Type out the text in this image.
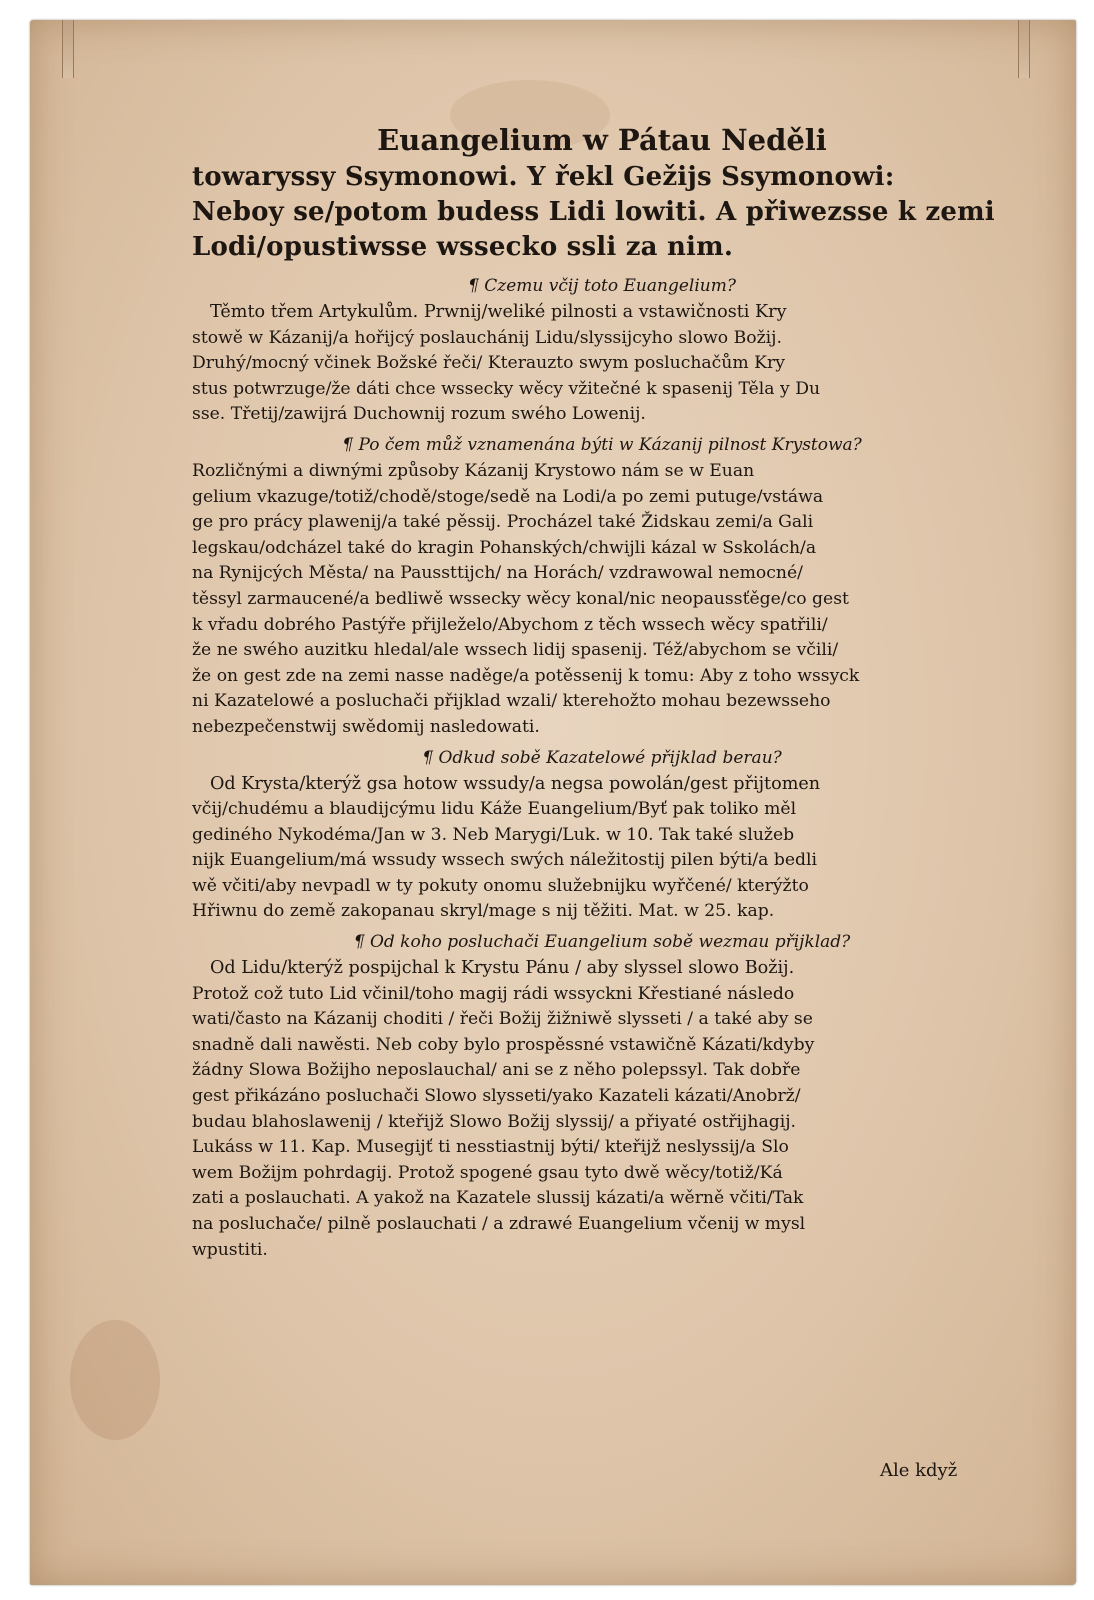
Euangelium w Pátau Neděli
towaryssy Ssymonowi. Y řekl Gežijs Ssymonowi:
Neboy se/potom budess Lidi lowiti. A přiwezsse k zemi
Lodi/opustiwsse wssecko ssli za nim.
¶ Czemu včij toto Euangelium?
Těmto třem Artykulům. Prwnij/weliké pilnosti a vstawičnosti Kry
stowě w Kázanij/a hořijcý poslauchánij Lidu/slyssijcyho slowo Božij.
Druhý/mocný včinek Božské řeči/ Kterauzto swym posluchačům Kry
stus potwrzuge/že dáti chce wssecky wěcy vžitečné k spasenij Těla y Du
sse. Třetij/zawijrá Duchownij rozum swého Lowenij.
¶ Po čem můž vznamenána býti w Kázanij pilnost Krystowa?
Rozličnými a diwnými způsoby Kázanij Krystowo nám se w Euan
gelium vkazuge/totiž/chodě/stoge/sedě na Lodi/a po zemi putuge/vstáwa
ge pro prácy plawenij/a také pěssij. Procházel také Židskau zemi/a Gali
legskau/odcházel také do kragin Pohanských/chwijli kázal w Sskolách/a
na Rynijcých Města/ na Paussttijch/ na Horách/ vzdrawowal nemocné/
těssyl zarmaucené/a bedliwě wssecky wěcy konal/nic neopaussťěge/co gest
k vřadu dobrého Pastýře přijleželo/Abychom z těch wssech wěcy spatřili/
že ne swého auzitku hledal/ale wssech lidij spasenij. Též/abychom se včili/
že on gest zde na zemi nasse naděge/a potěssenij k tomu: Aby z toho wssyck
ni Kazatelowé a posluchači přijklad wzali/ kterehožto mohau bezewsseho
nebezpečenstwij swědomij nasledowati.
¶ Odkud sobě Kazatelowé přijklad berau?
Od Krysta/kterýž gsa hotow wssudy/a negsa powolán/gest přijtomen
včij/chudému a blaudijcýmu lidu Káže Euangelium/Byť pak toliko měl
gediného Nykodéma/Jan w 3. Neb Marygi/Luk. w 10. Tak také služeb
nijk Euangelium/má wssudy wssech swých náležitostij pilen býti/a bedli
wě včiti/aby nevpadl w ty pokuty onomu služebnijku wyřčené/ kterýžto
Hřiwnu do země zakopanau skryl/mage s nij těžiti. Mat. w 25. kap.
¶ Od koho posluchači Euangelium sobě wezmau přijklad?
Od Lidu/kterýž pospijchal k Krystu Pánu / aby slyssel slowo Božij.
Protož což tuto Lid včinil/toho magij rádi wssyckni Křestiané následo
wati/často na Kázanij choditi / řeči Božij žižniwě slysseti / a také aby se
snadně dali nawěsti. Neb coby bylo prospěssné vstawičně Kázati/kdyby
žádny Slowa Božijho neposlauchal/ ani se z něho polepssyl. Tak dobře
gest přikázáno posluchači Slowo slysseti/yako Kazateli kázati/Anobrž/
budau blahoslawenij / kteřijž Slowo Božij slyssij/ a přiyaté ostřijhagij.
Lukáss w 11. Kap. Musegijť ti nesstiastnij býti/ kteřijž neslyssij/a Slo
wem Božijm pohrdagij. Protož spogené gsau tyto dwě wěcy/totiž/Ká
zati a poslauchati. A yakož na Kazatele slussij kázati/a wěrně včiti/Tak
na posluchače/ pilně poslauchati / a zdrawé Euangelium včenij w mysl
wpustiti.
Ale když
